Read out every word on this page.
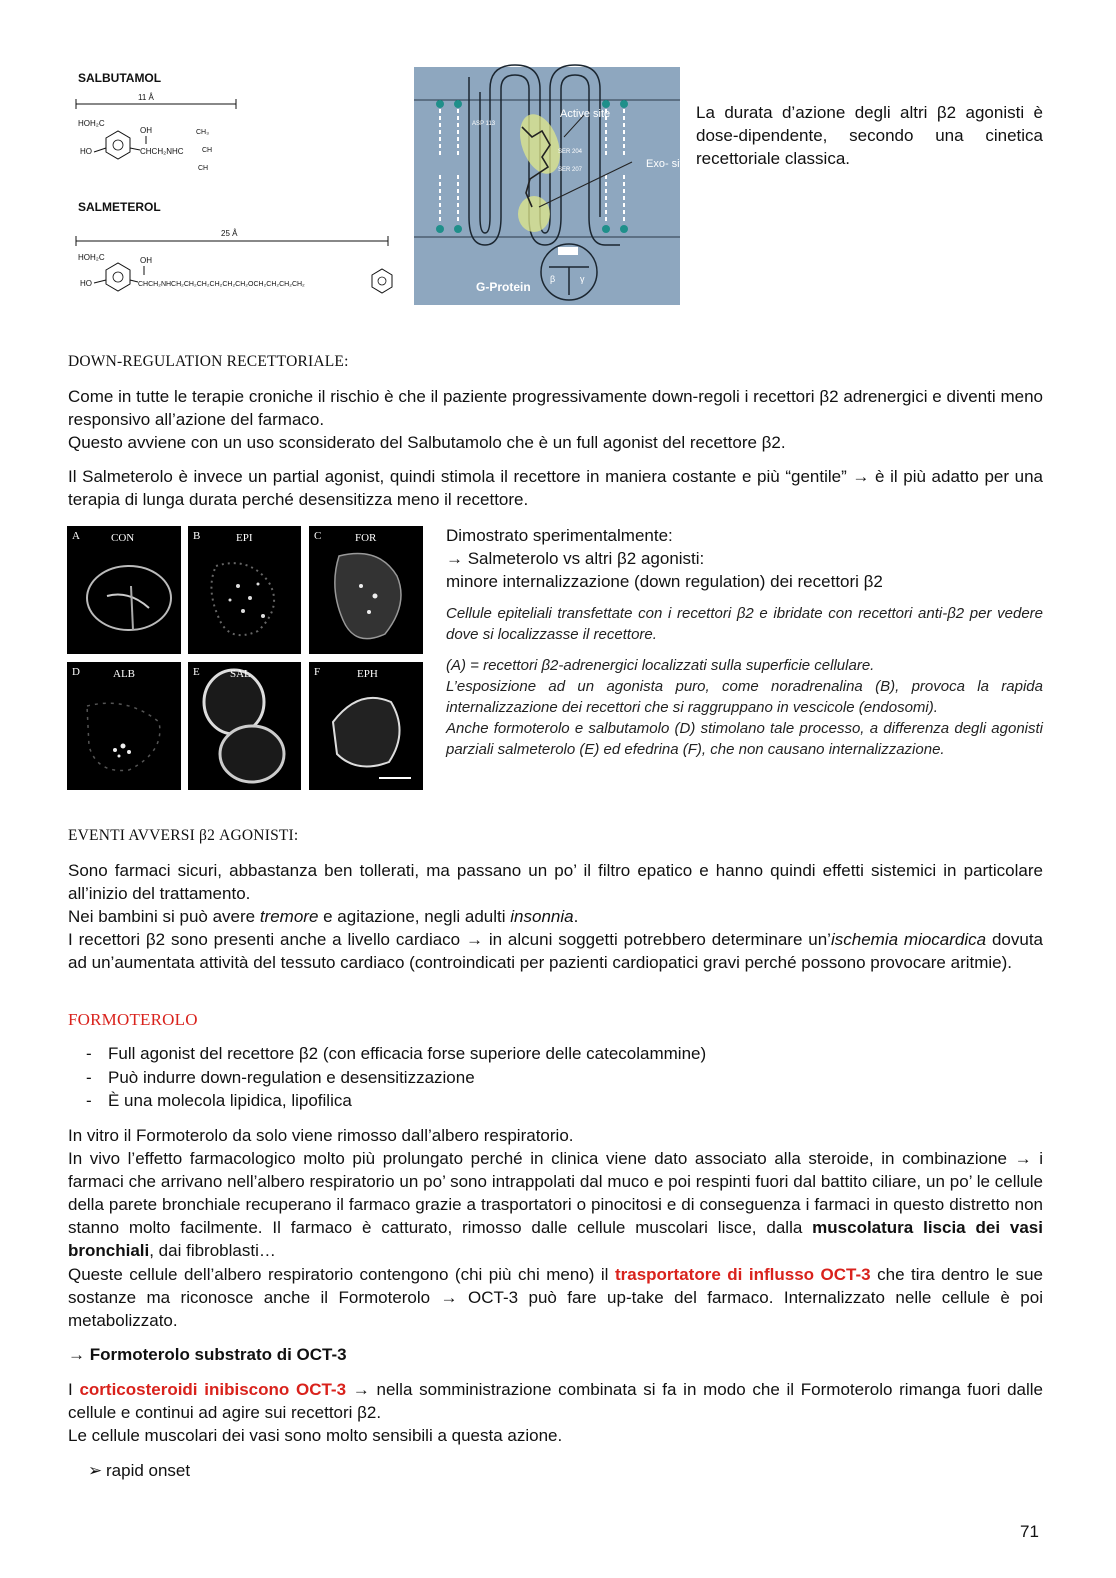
SALBUTAMOL
11 Å
HOH₂C
HO
OH
CHCH₂NHC
CH₃
CH
CH
SALMETEROL
25 Å
HOH₂C
HO
OH
CHCH₂NHCH₂CH₂CH₂CH₂CH₂CH₂OCH₂CH₂CH₂CH₂
Active site
Exo- site
ASP 113
SER 204
SER 207
β	γ
G-Protein
La durata d’azione degli altri β2 agonisti è dose-dipendente, secondo una cinetica recettoriale classica.
DOWN-REGULATION RECETTORIALE:
Come in tutte le terapie croniche il rischio è che il paziente progressivamente down-regoli i recettori β2 adrenergici e diventi meno responsivo all’azione del farmaco.
Questo avviene con un uso sconsiderato del Salbutamolo che è un full agonist del recettore β2.
Il Salmeterolo è invece un partial agonist, quindi stimola il recettore in maniera costante e più “gentile” → è il più adatto per una terapia di lunga durata perché desensitizza meno il recettore.
A	CON	B	EPI	C	FOR
D	ALB	E	SAL	F	EPH
Dimostrato sperimentalmente:
→ Salmeterolo vs altri β2 agonisti:
minore internalizzazione (down regulation) dei recettori β2
Cellule epiteliali transfettate con i recettori β2 e ibridate con recettori anti-β2 per vedere dove si localizzasse il recettore.
(A) = recettori β2-adrenergici localizzati sulla superficie cellulare.
L’esposizione ad un agonista puro, come noradrenalina (B), provoca la rapida internalizzazione dei recettori che si raggruppano in vescicole (endosomi).
Anche formoterolo e salbutamolo (D) stimolano tale processo, a differenza degli agonisti parziali salmeterolo (E) ed efedrina (F), che non causano internalizzazione.
EVENTI AVVERSI β2 AGONISTI:
Sono farmaci sicuri, abbastanza ben tollerati, ma passano un po’ il filtro epatico e hanno quindi effetti sistemici in particolare all’inizio del trattamento.
Nei bambini si può avere tremore e agitazione, negli adulti insonnia.
I recettori β2 sono presenti anche a livello cardiaco → in alcuni soggetti potrebbero determinare un’ischemia miocardica dovuta ad un’aumentata attività del tessuto cardiaco (controindicati per pazienti cardiopatici gravi perché possono provocare aritmie).
FORMOTEROLO
- Full agonist del recettore β2 (con efficacia forse superiore delle catecolammine)
- Può indurre down-regulation e desensitizzazione
- È una molecola lipidica, lipofilica
In vitro il Formoterolo da solo viene rimosso dall’albero respiratorio.
In vivo l’effetto farmacologico molto più prolungato perché in clinica viene dato associato alla steroide, in combinazione → i farmaci che arrivano nell’albero respiratorio un po’ sono intrappolati dal muco e poi respinti fuori dal battito ciliare, un po’ le cellule della parete bronchiale recuperano il farmaco grazie a trasportatori o pinocitosi e di conseguenza i farmaci in questo distretto non stanno molto facilmente. Il farmaco è catturato, rimosso dalle cellule muscolari lisce, dalla muscolatura liscia dei vasi bronchiali, dai fibroblasti…
Queste cellule dell’albero respiratorio contengono (chi più chi meno) il trasportatore di influsso OCT-3 che tira dentro le sue sostanze ma riconosce anche il Formoterolo → OCT-3 può fare up-take del farmaco. Internalizzato nelle cellule è poi metabolizzato.
→ Formoterolo substrato di OCT-3
I corticosteroidi inibiscono OCT-3 → nella somministrazione combinata si fa in modo che il Formoterolo rimanga fuori dalle cellule e continui ad agire sui recettori β2.
Le cellule muscolari dei vasi sono molto sensibili a questa azione.
➢ rapid onset
71
